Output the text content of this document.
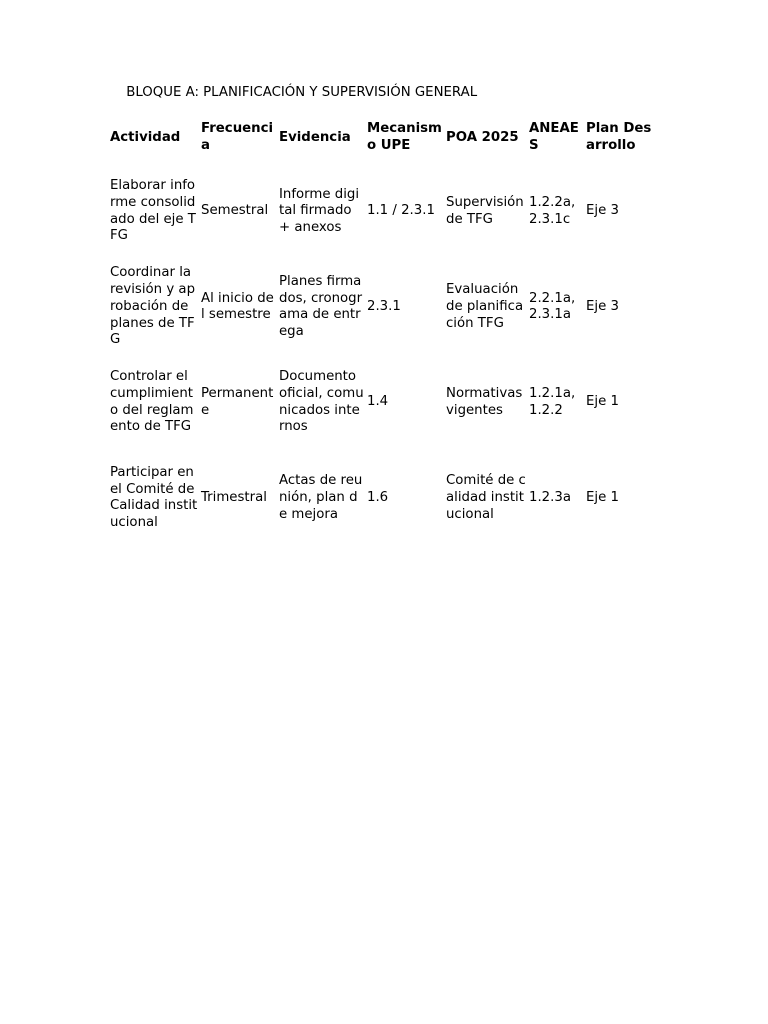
BLOQUE A: PLANIFICACIÓN Y SUPERVISIÓN GENERAL
Actividad	Frecuencia	Evidencia	Mecanismo UPE	POA 2025	ANEAES	Plan Desarrollo
Elaborar informe consolidado del eje TFG	Semestral	Informe digital firmado + anexos	1.1 / 2.3.1	Supervisión de TFG	1.2.2a, 2.3.1c	Eje 3
Coordinar la revisión y aprobación de planes de TFG	Al inicio del semestre	Planes firmados, cronograma de entrega	2.3.1	Evaluación de planificación TFG	2.2.1a, 2.3.1a	Eje 3
Controlar el cumplimiento del reglamento de TFG	Permanente	Documento oficial, comunicados internos	1.4	Normativas vigentes	1.2.1a, 1.2.2	Eje 1
Participar en el Comité de Calidad institucional	Trimestral	Actas de reunión, plan de mejora	1.6	Comité de calidad institucional	1.2.3a	Eje 1
